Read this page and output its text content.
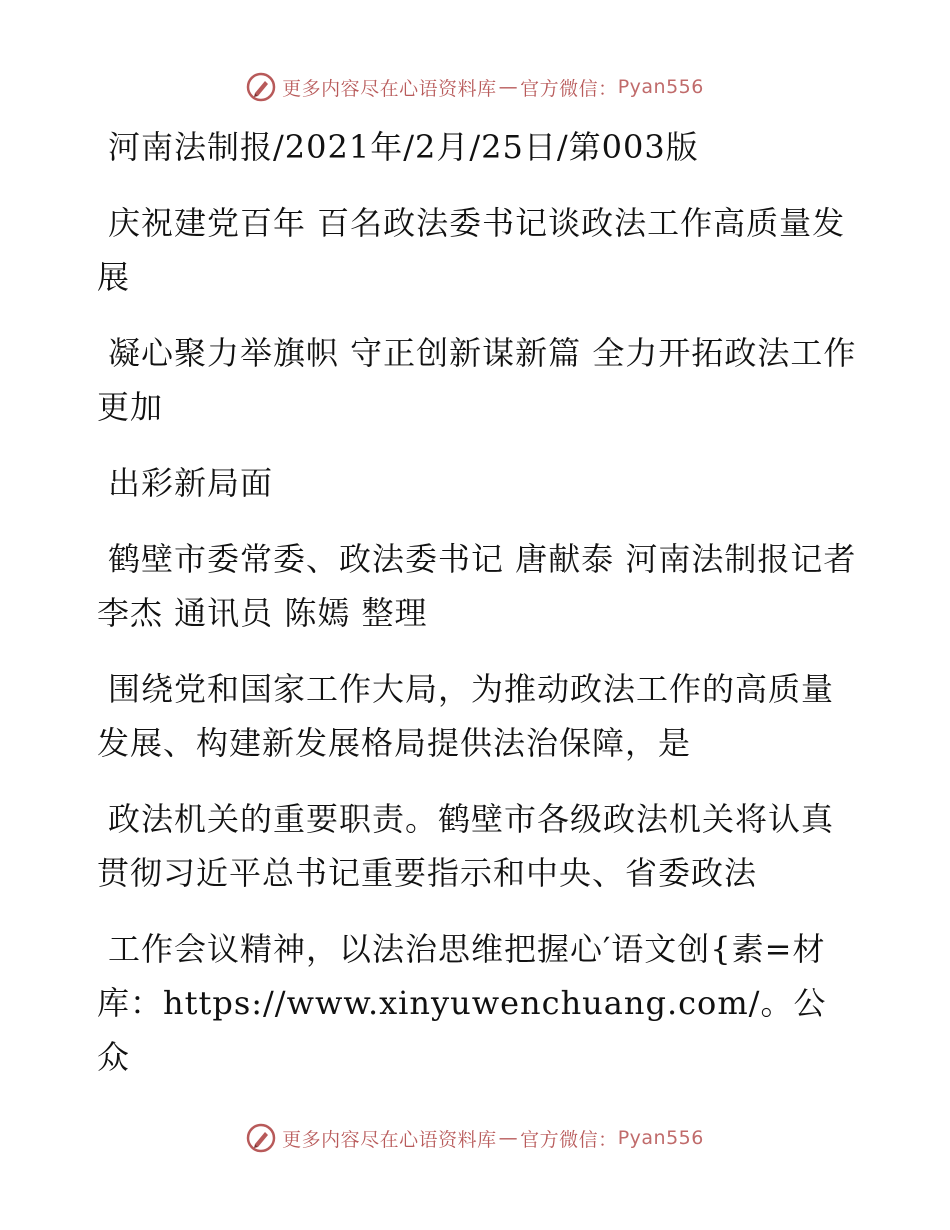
更多内容尽在心语资料库 — 官方微信： Pyan556

河南法制报/2021年/2月/25日/第003版

庆祝建党百年 百名政法委书记谈政法工作高质量发展

凝心聚力举旗帜 守正创新谋新篇 全力开拓政法工作更加

出彩新局面

鹤壁市委常委、政法委书记 唐献泰 河南法制报记者 李杰 通讯员 陈嫣 整理

围绕党和国家工作大局，为推动政法工作的高质量发展、构建新发展格局提供法治保障，是

政法机关的重要职责。鹤壁市各级政法机关将认真贯彻习近平总书记重要指示和中央、省委政法

工作会议精神，以法治思维把握心′语文创{素=材库：https://www.xinyuwenchuang.com/。公众

更多内容尽在心语资料库 — 官方微信： Pyan556
